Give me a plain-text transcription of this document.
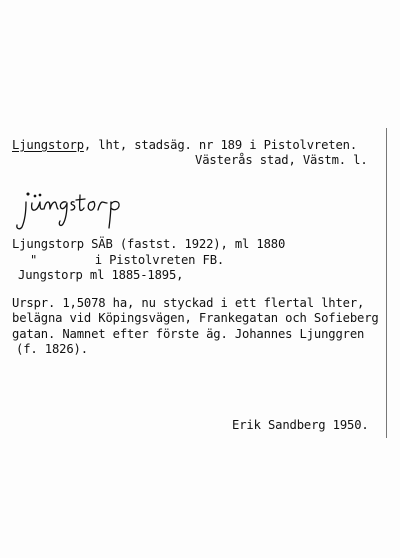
Ljungstorp, lht, stadsäg. nr 189 i Pistolvreten.
Västerås stad, Västm. l.
Ljungstorp SÄB (fastst. 1922), ml 1880
"        i Pistolvreten FB.
Jungstorp ml 1885-1895,
Urspr. 1,5078 ha, nu styckad i ett flertal lhter,
belägna vid Köpingsvägen, Frankegatan och Sofieberg
gatan. Namnet efter förste äg. Johannes Ljunggren
(f. 1826).
Erik Sandberg 1950.
